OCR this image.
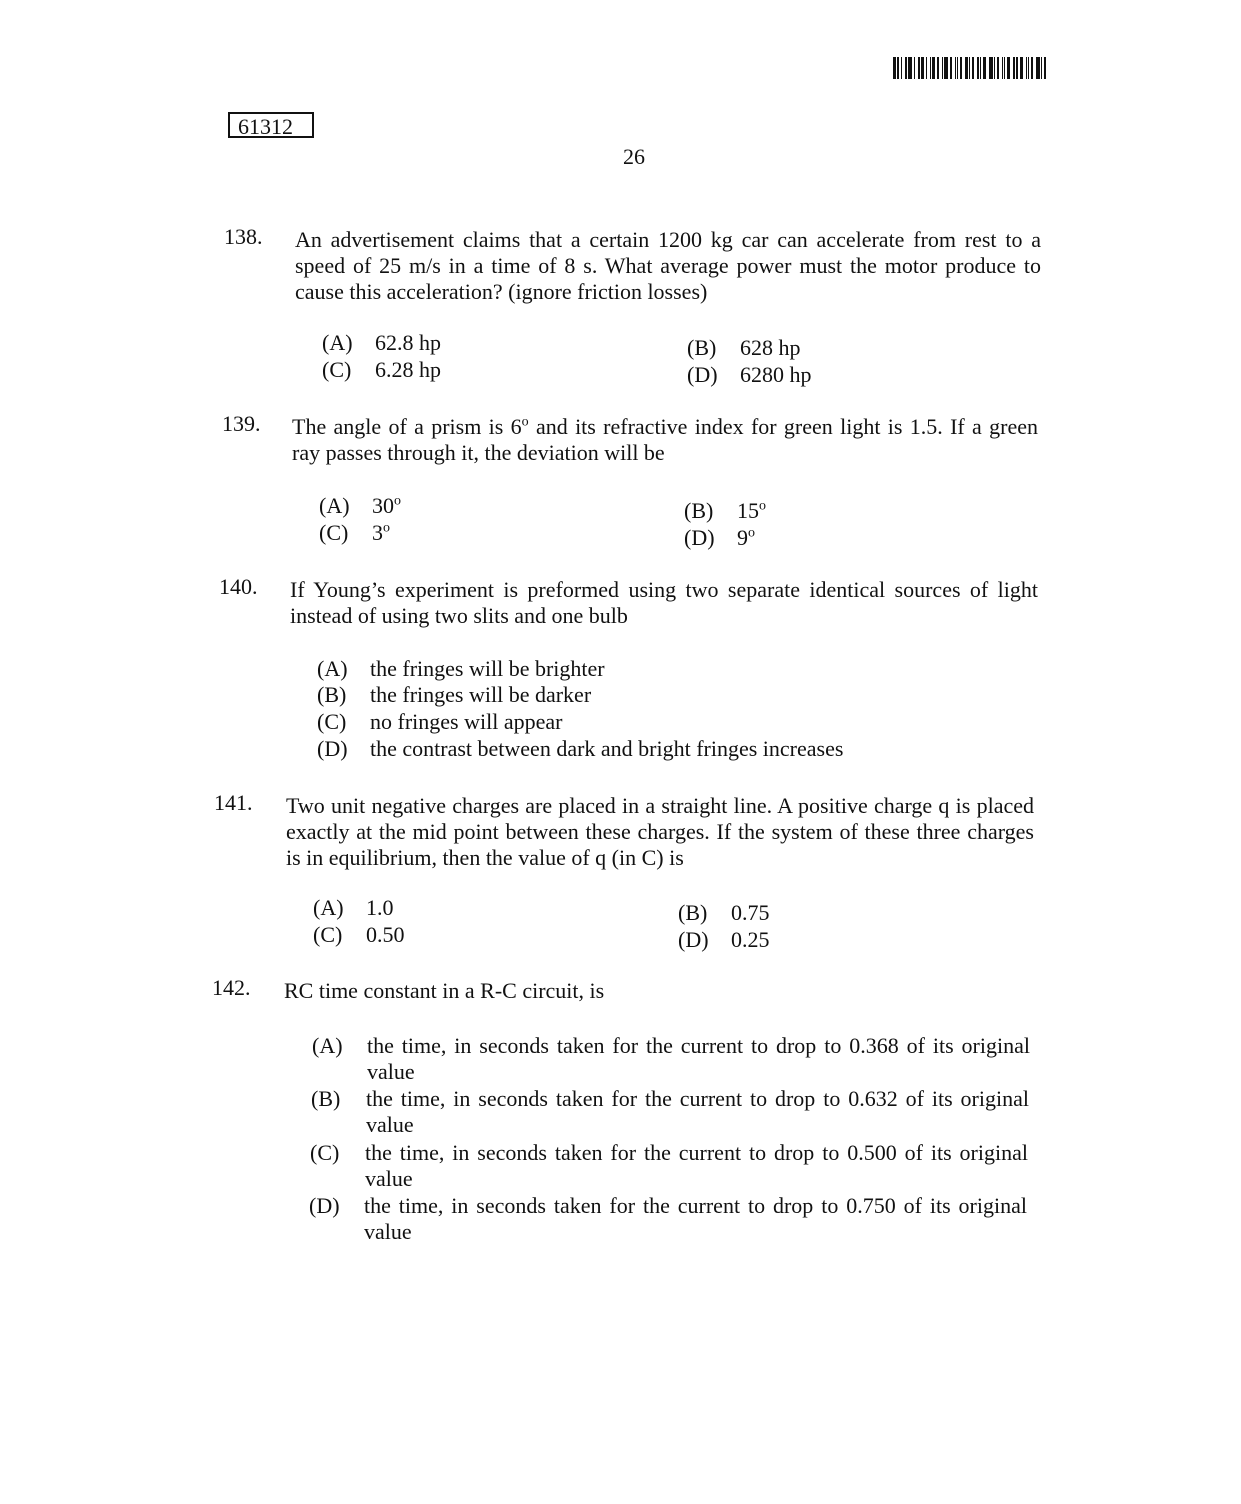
61312
26
138. An advertisement claims that a certain 1200 kg car can accelerate from rest to a speed of 25 m/s in a time of 8 s. What average power must the motor produce to cause this acceleration? (ignore friction losses)
(A) 62.8 hp	(B) 628 hp
(C) 6.28 hp	(D) 6280 hp
139. The angle of a prism is 6$^o$ and its refractive index for green light is 1.5. If a green ray passes through it, the deviation will be
(A) 30$^o$	(B) 15$^o$
(C) 3$^o$	(D) 9$^o$
140. If Young’s experiment is preformed using two separate identical sources of light instead of using two slits and one bulb
(A) the fringes will be brighter
(B) the fringes will be darker
(C) no fringes will appear
(D) the contrast between dark and bright fringes increases
141. Two unit negative charges are placed in a straight line. A positive charge q is placed exactly at the mid point between these charges. If the system of these three charges is in equilibrium, then the value of q (in C) is
(A) 1.0	(B) 0.75
(C) 0.50	(D) 0.25
142. RC time constant in a R-C circuit, is
(A) the time, in seconds taken for the current to drop to 0.368 of its original value
(B) the time, in seconds taken for the current to drop to 0.632 of its original value
(C) the time, in seconds taken for the current to drop to 0.500 of its original value
(D) the time, in seconds taken for the current to drop to 0.750 of its original value
